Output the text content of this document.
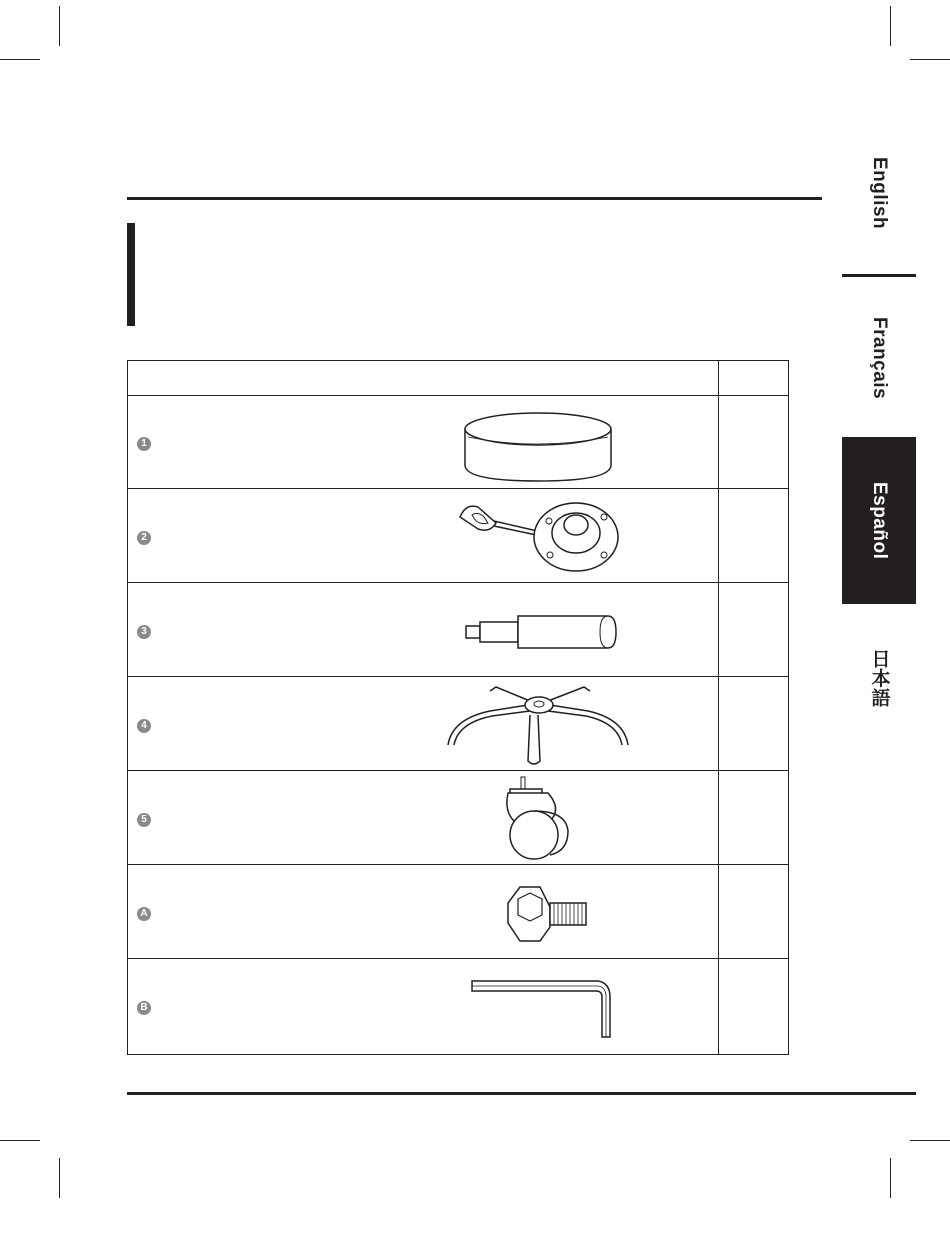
English
Français
Español
日本語
1
2
3
4
5
A
B
